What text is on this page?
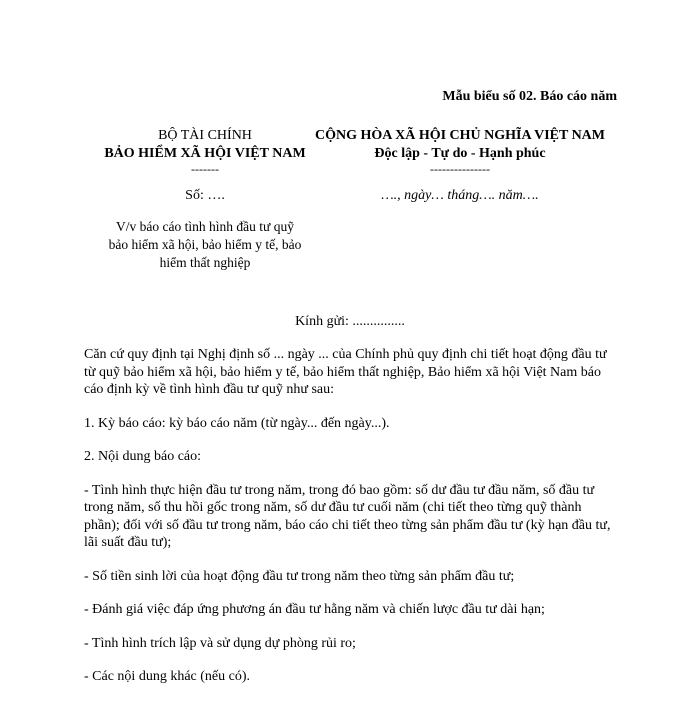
Mẫu biểu số 02. Báo cáo năm
BỘ TÀI CHÍNH
BẢO HIỂM XÃ HỘI VIỆT NAM
-------
CỘNG HÒA XÃ HỘI CHỦ NGHĨA VIỆT NAM
Độc lập - Tự do - Hạnh phúc
---------------
Số: ….	…., ngày… tháng…. năm….
V/v báo cáo tình hình đầu tư quỹ
bảo hiểm xã hội, bảo hiểm y tế, bảo
hiểm thất nghiệp
Kính gửi: ...............

Căn cứ quy định tại Nghị định số ... ngày ... của Chính phủ quy định chi tiết hoạt động đầu tư từ quỹ bảo hiểm xã hội, bảo hiểm y tế, bảo hiểm thất nghiệp, Bảo hiểm xã hội Việt Nam báo cáo định kỳ về tình hình đầu tư quỹ như sau:

1. Kỳ báo cáo: kỳ báo cáo năm (từ ngày... đến ngày...).

2. Nội dung báo cáo:

- Tình hình thực hiện đầu tư trong năm, trong đó bao gồm: số dư đầu tư đầu năm, số đầu tư trong năm, số thu hồi gốc trong năm, số dư đầu tư cuối năm (chi tiết theo từng quỹ thành phần); đối với số đầu tư trong năm, báo cáo chi tiết theo từng sản phẩm đầu tư (kỳ hạn đầu tư, lãi suất đầu tư);

- Số tiền sinh lời của hoạt động đầu tư trong năm theo từng sản phẩm đầu tư;

- Đánh giá việc đáp ứng phương án đầu tư hằng năm và chiến lược đầu tư dài hạn;

- Tình hình trích lập và sử dụng dự phòng rủi ro;

- Các nội dung khác (nếu có).
